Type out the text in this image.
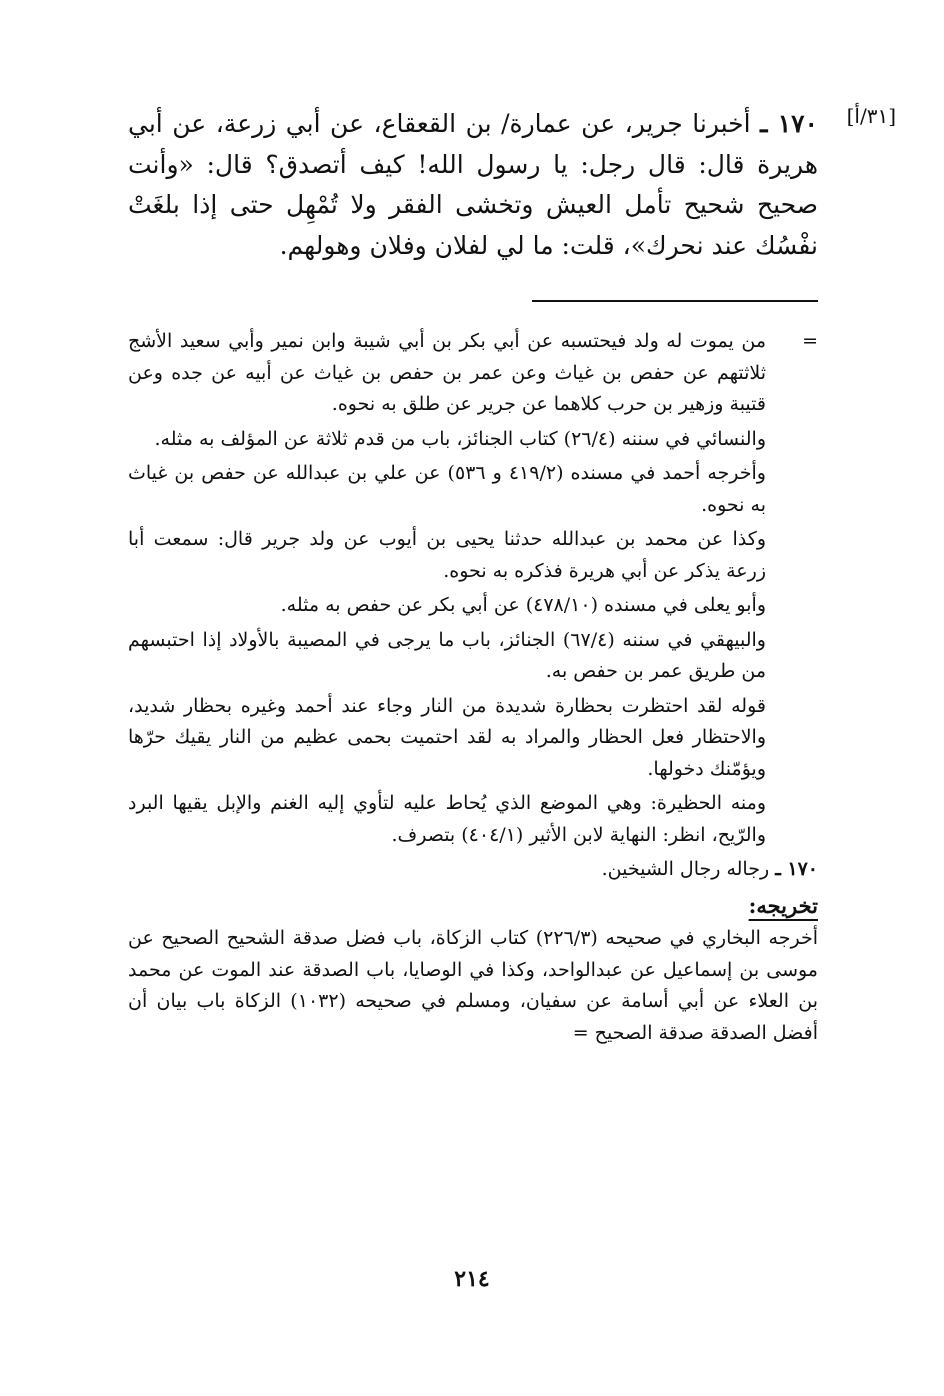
[٣١/أ]

١٧٠ ـ أخبرنا جرير، عن عمارة/ بن القعقاع، عن أبي زرعة، عن أبي هريرة قال: قال رجل: يا رسول الله! كيف أتصدق؟ قال: «وأنت صحيح شحيح تأمل العيش وتخشى الفقر ولا تُمْهِل حتى إذا بلغَتْ نفْسُك عند نحرك»، قلت: ما لي لفلان وفلان وهولهم.

=

من يموت له ولد فيحتسبه عن أبي بكر بن أبي شيبة وابن نمير وأبي سعيد الأشج ثلاثتهم عن حفص بن غياث وعن عمر بن حفص بن غياث عن أبيه عن جده وعن قتيبة وزهير بن حرب كلاهما عن جرير عن طلق به نحوه.

والنسائي في سننه (٢٦/٤) كتاب الجنائز، باب من قدم ثلاثة عن المؤلف به مثله.

وأخرجه أحمد في مسنده (٤١٩/٢ و ٥٣٦) عن علي بن عبدالله عن حفص بن غياث به نحوه.

وكذا عن محمد بن عبدالله حدثنا يحيى بن أيوب عن ولد جرير قال: سمعت أبا زرعة يذكر عن أبي هريرة فذكره به نحوه.

وأبو يعلى في مسنده (٤٧٨/١٠) عن أبي بكر عن حفص به مثله.

والبيهقي في سننه (٦٧/٤) الجنائز، باب ما يرجى في المصيبة بالأولاد إذا احتبسهم من طريق عمر بن حفص به.

قوله لقد احتظرت بحظارة شديدة من النار وجاء عند أحمد وغيره بحظار شديد، والاحتظار فعل الحظار والمراد به لقد احتميت بحمى عظيم من النار يقيك حرّها ويؤمّنك دخولها.

ومنه الحظيرة: وهي الموضع الذي يُحاط عليه لتأوي إليه الغنم والإبل يقيها البرد والرّيح، انظر: النهاية لابن الأثير (٤٠٤/١) بتصرف.

١٧٠ ـ رجاله رجال الشيخين.

تخريجه:

أخرجه البخاري في صحيحه (٢٢٦/٣) كتاب الزكاة، باب فضل صدقة الشحيح الصحيح عن موسى بن إسماعيل عن عبدالواحد، وكذا في الوصايا، باب الصدقة عند الموت عن محمد بن العلاء عن أبي أسامة عن سفيان، ومسلم في صحيحه (١٠٣٢) الزكاة باب بيان أن أفضل الصدقة صدقة الصحيح =

٢١٤
